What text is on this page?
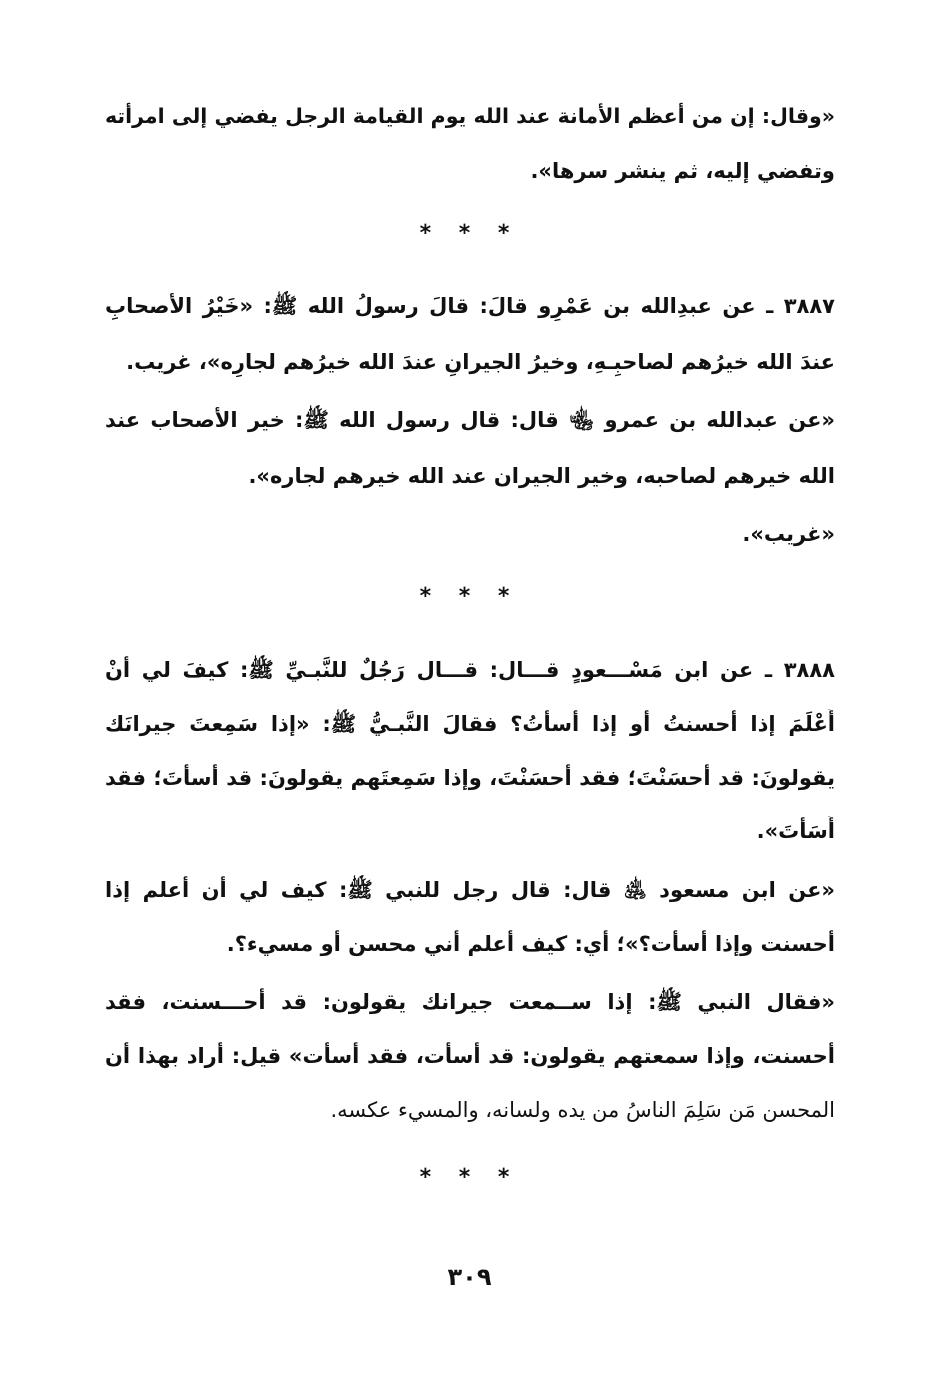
«وقال: إن من أعظم الأمانة عند الله يوم القيامة الرجل يفضي إلى امرأته
وتفضي إليه، ثم ينشر سرها».
* * *
٣٨٨٧ ـ عن عبدِالله بن عَمْرٍو قالَ: قالَ رسولُ الله ﷺ: «خَيْرُ الأصحابِ
عندَ الله خيرُهم لصاحبِـهِ، وخيرُ الجيرانِ عندَ الله خيرُهم لجارِه»، غريب.
«عن عبدالله بن عمرو ﵄ قال: قال رسول الله ﷺ: خير الأصحاب عند
الله خيرهم لصاحبه، وخير الجيران عند الله خيرهم لجاره».
«غريب».
* * *
٣٨٨٨ ـ عن ابن مَسْـــعودٍ قـــال: قـــال رَجُلٌ للنَّبـيِّ ﷺ: كيفَ لي أنْ
أَعْلَمَ إذا أحسنتُ أو إذا أسأتُ؟ فقالَ النَّبـيُّ ﷺ: «إذا سَمِعتَ جيرانَك
يقولونَ: قد أحسَنْتَ؛ فقد أحسَنْتَ، وإذا سَمِعتَهم يقولونَ: قد أسأتَ؛ فقد
أَسَأْتَ».
«عن ابن مسعود ﵁ قال: قال رجل للنبي ﷺ: كيف لي أن أعلم إذا
أحسنت وإذا أسأت؟»؛ أي: كيف أعلم أني محسن أو مسيء؟.
«فقال النبي ﷺ: إذا ســمعت جيرانك يقولون: قد أحـــسنت، فقد
أحسنت، وإذا سمعتهم يقولون: قد أسأت، فقد أسأت» قيل: أراد بهذا أن
المحسن مَن سَلِمَ الناسُ من يده ولسانه، والمسيء عكسه.
* * *
٣٠٩
